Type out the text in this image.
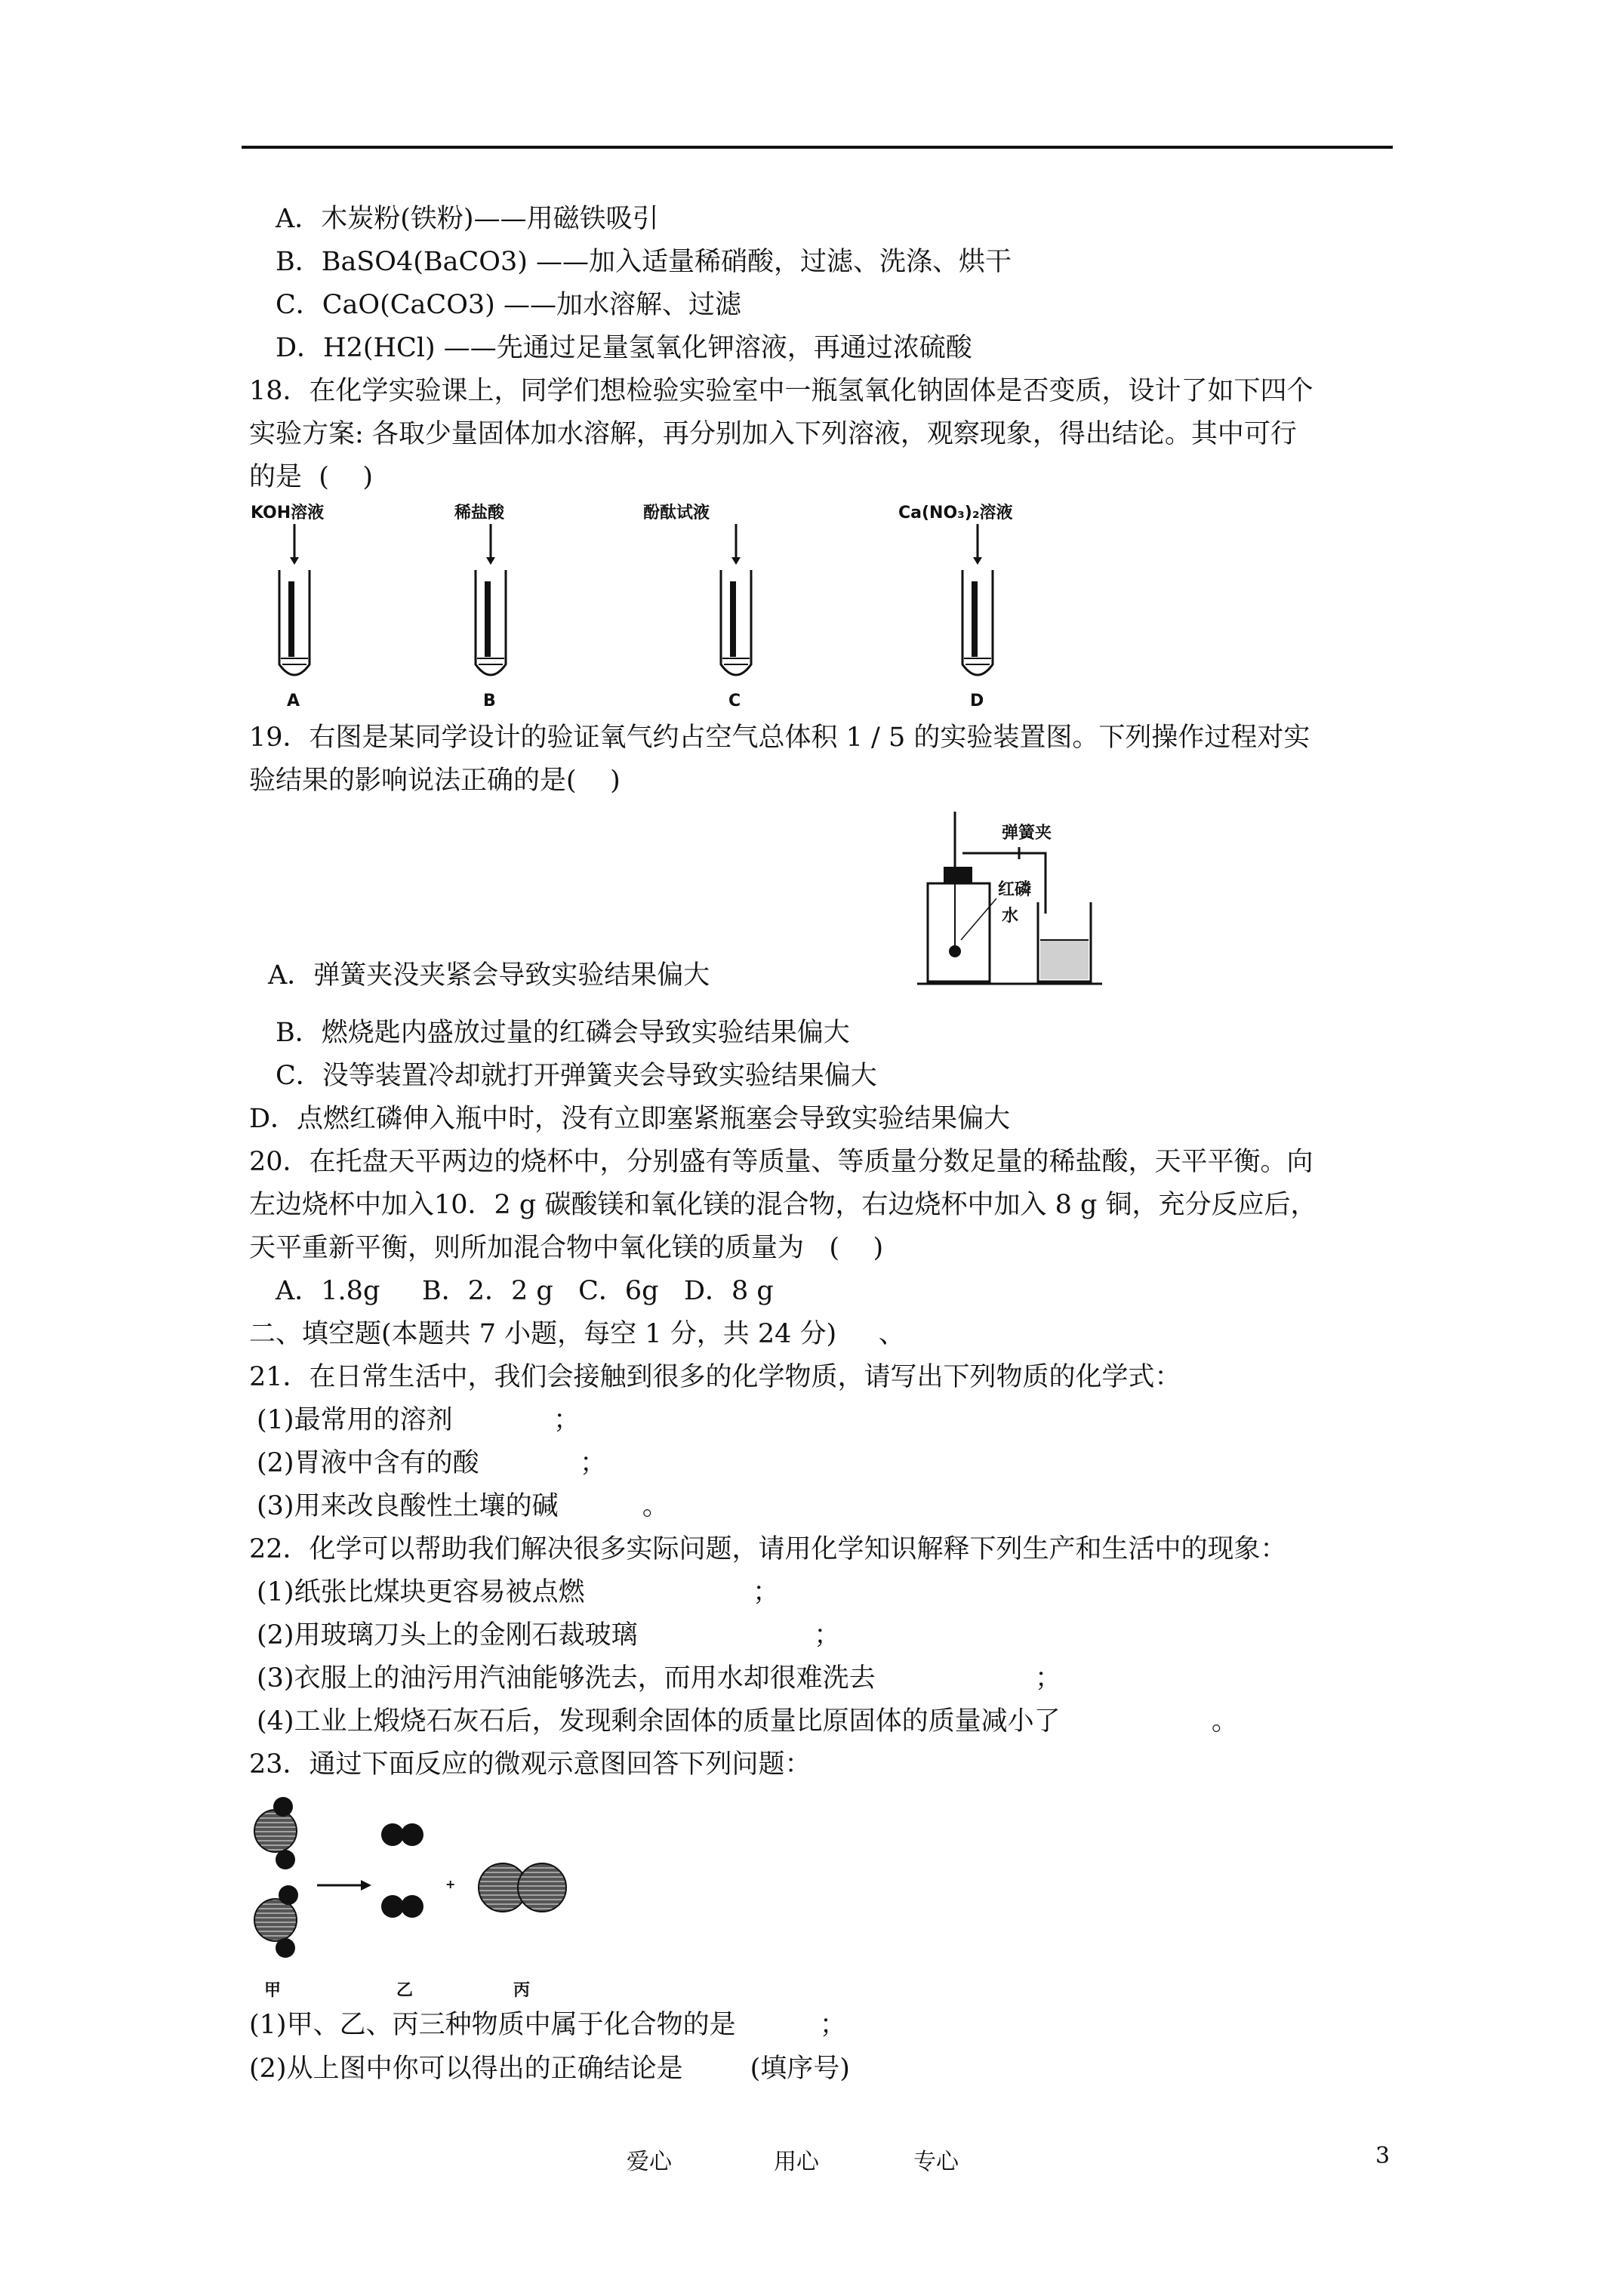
A．木炭粉(铁粉)——用磁铁吸引
B．BaSO4(BaCO3) ——加入适量稀硝酸，过滤、洗涤、烘干
C．CaO(CaCO3) ——加水溶解、过滤
D．H2(HCl) ——先通过足量氢氧化钾溶液，再通过浓硫酸
18．在化学实验课上，同学们想检验实验室中一瓶氢氧化钠固体是否变质，设计了如下四个
实验方案: 各取少量固体加水溶解，再分别加入下列溶液，观察现象，得出结论。其中可行
的是  (    )
KOH溶液
A
稀盐酸
B
酚酞试液
C
Ca(NO₃)₂溶液
D
19．右图是某同学设计的验证氧气约占空气总体积 1 / 5 的实验装置图。下列操作过程对实
验结果的影响说法正确的是(    )
弹簧夹
红磷
水
A．弹簧夹没夹紧会导致实验结果偏大
B．燃烧匙内盛放过量的红磷会导致实验结果偏大
C．没等装置冷却就打开弹簧夹会导致实验结果偏大
D．点燃红磷伸入瓶中时，没有立即塞紧瓶塞会导致实验结果偏大
20．在托盘天平两边的烧杯中，分别盛有等质量、等质量分数足量的稀盐酸，天平平衡。向
左边烧杯中加入10．2 g 碳酸镁和氧化镁的混合物，右边烧杯中加入 8 g 铜，充分反应后，
天平重新平衡，则所加混合物中氧化镁的质量为   (    )
A．1.8g     B．2．2 g   C．6g   D．8 g
二、填空题(本题共 7 小题，每空 1 分，共 24 分)     、
21．在日常生活中，我们会接触到很多的化学物质，请写出下列物质的化学式：
(1)最常用的溶剂            ；
(2)胃液中含有的酸            ；
(3)用来改良酸性土壤的碱          。
22．化学可以帮助我们解决很多实际问题，请用化学知识解释下列生产和生活中的现象：
(1)纸张比煤块更容易被点燃                    ；
(2)用玻璃刀头上的金刚石裁玻璃                     ；
(3)衣服上的油污用汽油能够洗去，而用水却很难洗去                   ；
(4)工业上煅烧石灰石后，发现剩余固体的质量比原固体的质量减小了                  。
23．通过下面反应的微观示意图回答下列问题：
+
甲	乙	丙
(1)甲、乙、丙三种物质中属于化合物的是          ；
(2)从上图中你可以得出的正确结论是        (填序号)
爱心	用心	专心	3
